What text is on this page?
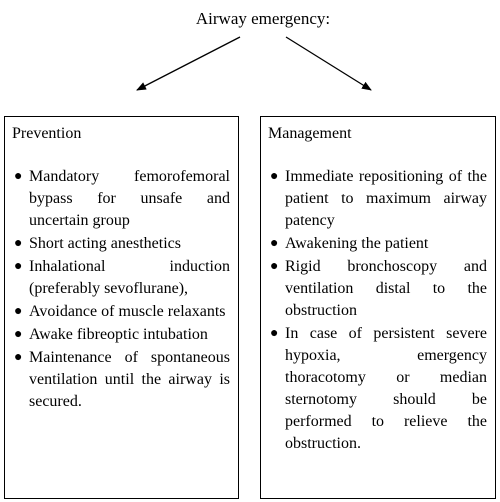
Airway emergency:
Prevention
● Mandatory femorofemoral bypass for unsafe and uncertain group
● Short acting anesthetics
● Inhalational induction (preferably sevoflurane),
● Avoidance of muscle relaxants
● Awake fibreoptic intubation
● Maintenance of spontaneous ventilation until the airway is secured.
Management
● Immediate repositioning of the patient to maximum airway patency
● Awakening the patient
● Rigid bronchoscopy and ventilation distal to the obstruction
● In case of persistent severe hypoxia, emergency thoracotomy or median sternotomy should be performed to relieve the obstruction.
